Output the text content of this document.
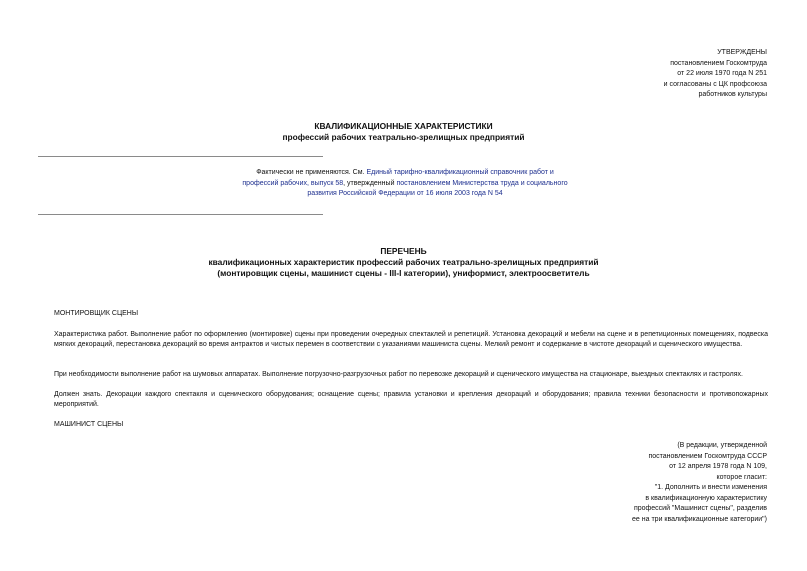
УТВЕРЖДЕНЫ
постановлением Госкомтруда
от 22 июля 1970 года N 251
и согласованы с ЦК профсоюза
работников культуры
КВАЛИФИКАЦИОННЫЕ ХАРАКТЕРИСТИКИ
профессий рабочих театрально-зрелищных предприятий
Фактически не применяются. См. Единый тарифно-квалификационный справочник работ и профессий рабочих, выпуск 58, утвержденный постановлением Министерства труда и социального развития Российской Федерации от 16 июля 2003 года N 54
ПЕРЕЧЕНЬ
квалификационных характеристик профессий рабочих театрально-зрелищных предприятий
(монтировщик сцены, машинист сцены - III-I категории), униформист, электроосветитель
МОНТИРОВЩИК СЦЕНЫ
Характеристика работ. Выполнение работ по оформлению (монтировке) сцены при проведении очередных спектаклей и репетиций. Установка декораций и мебели на сцене и в репетиционных помещениях, подвеска мягких декораций, перестановка декораций во время антрактов и чистых перемен в соответствии с указаниями машиниста сцены. Мелкий ремонт и содержание в чистоте декораций и сценического имущества.
При необходимости выполнение работ на шумовых аппаратах. Выполнение погрузочно-разгрузочных работ по перевозке декораций и сценического имущества на стационаре, выездных спектаклях и гастролях.
Должен знать. Декорации каждого спектакля и сценического оборудования; оснащение сцены; правила установки и крепления декораций и оборудования; правила техники безопасности и противопожарных мероприятий.
МАШИНИСТ СЦЕНЫ
(В редакции, утвержденной
постановлением Госкомтруда СССР
от 12 апреля 1978 года N 109,
которое гласит:
"1. Дополнить и внести изменения
в квалификационную характеристику
профессий "Машинист сцены", разделив
ее на три квалификационные категории")
